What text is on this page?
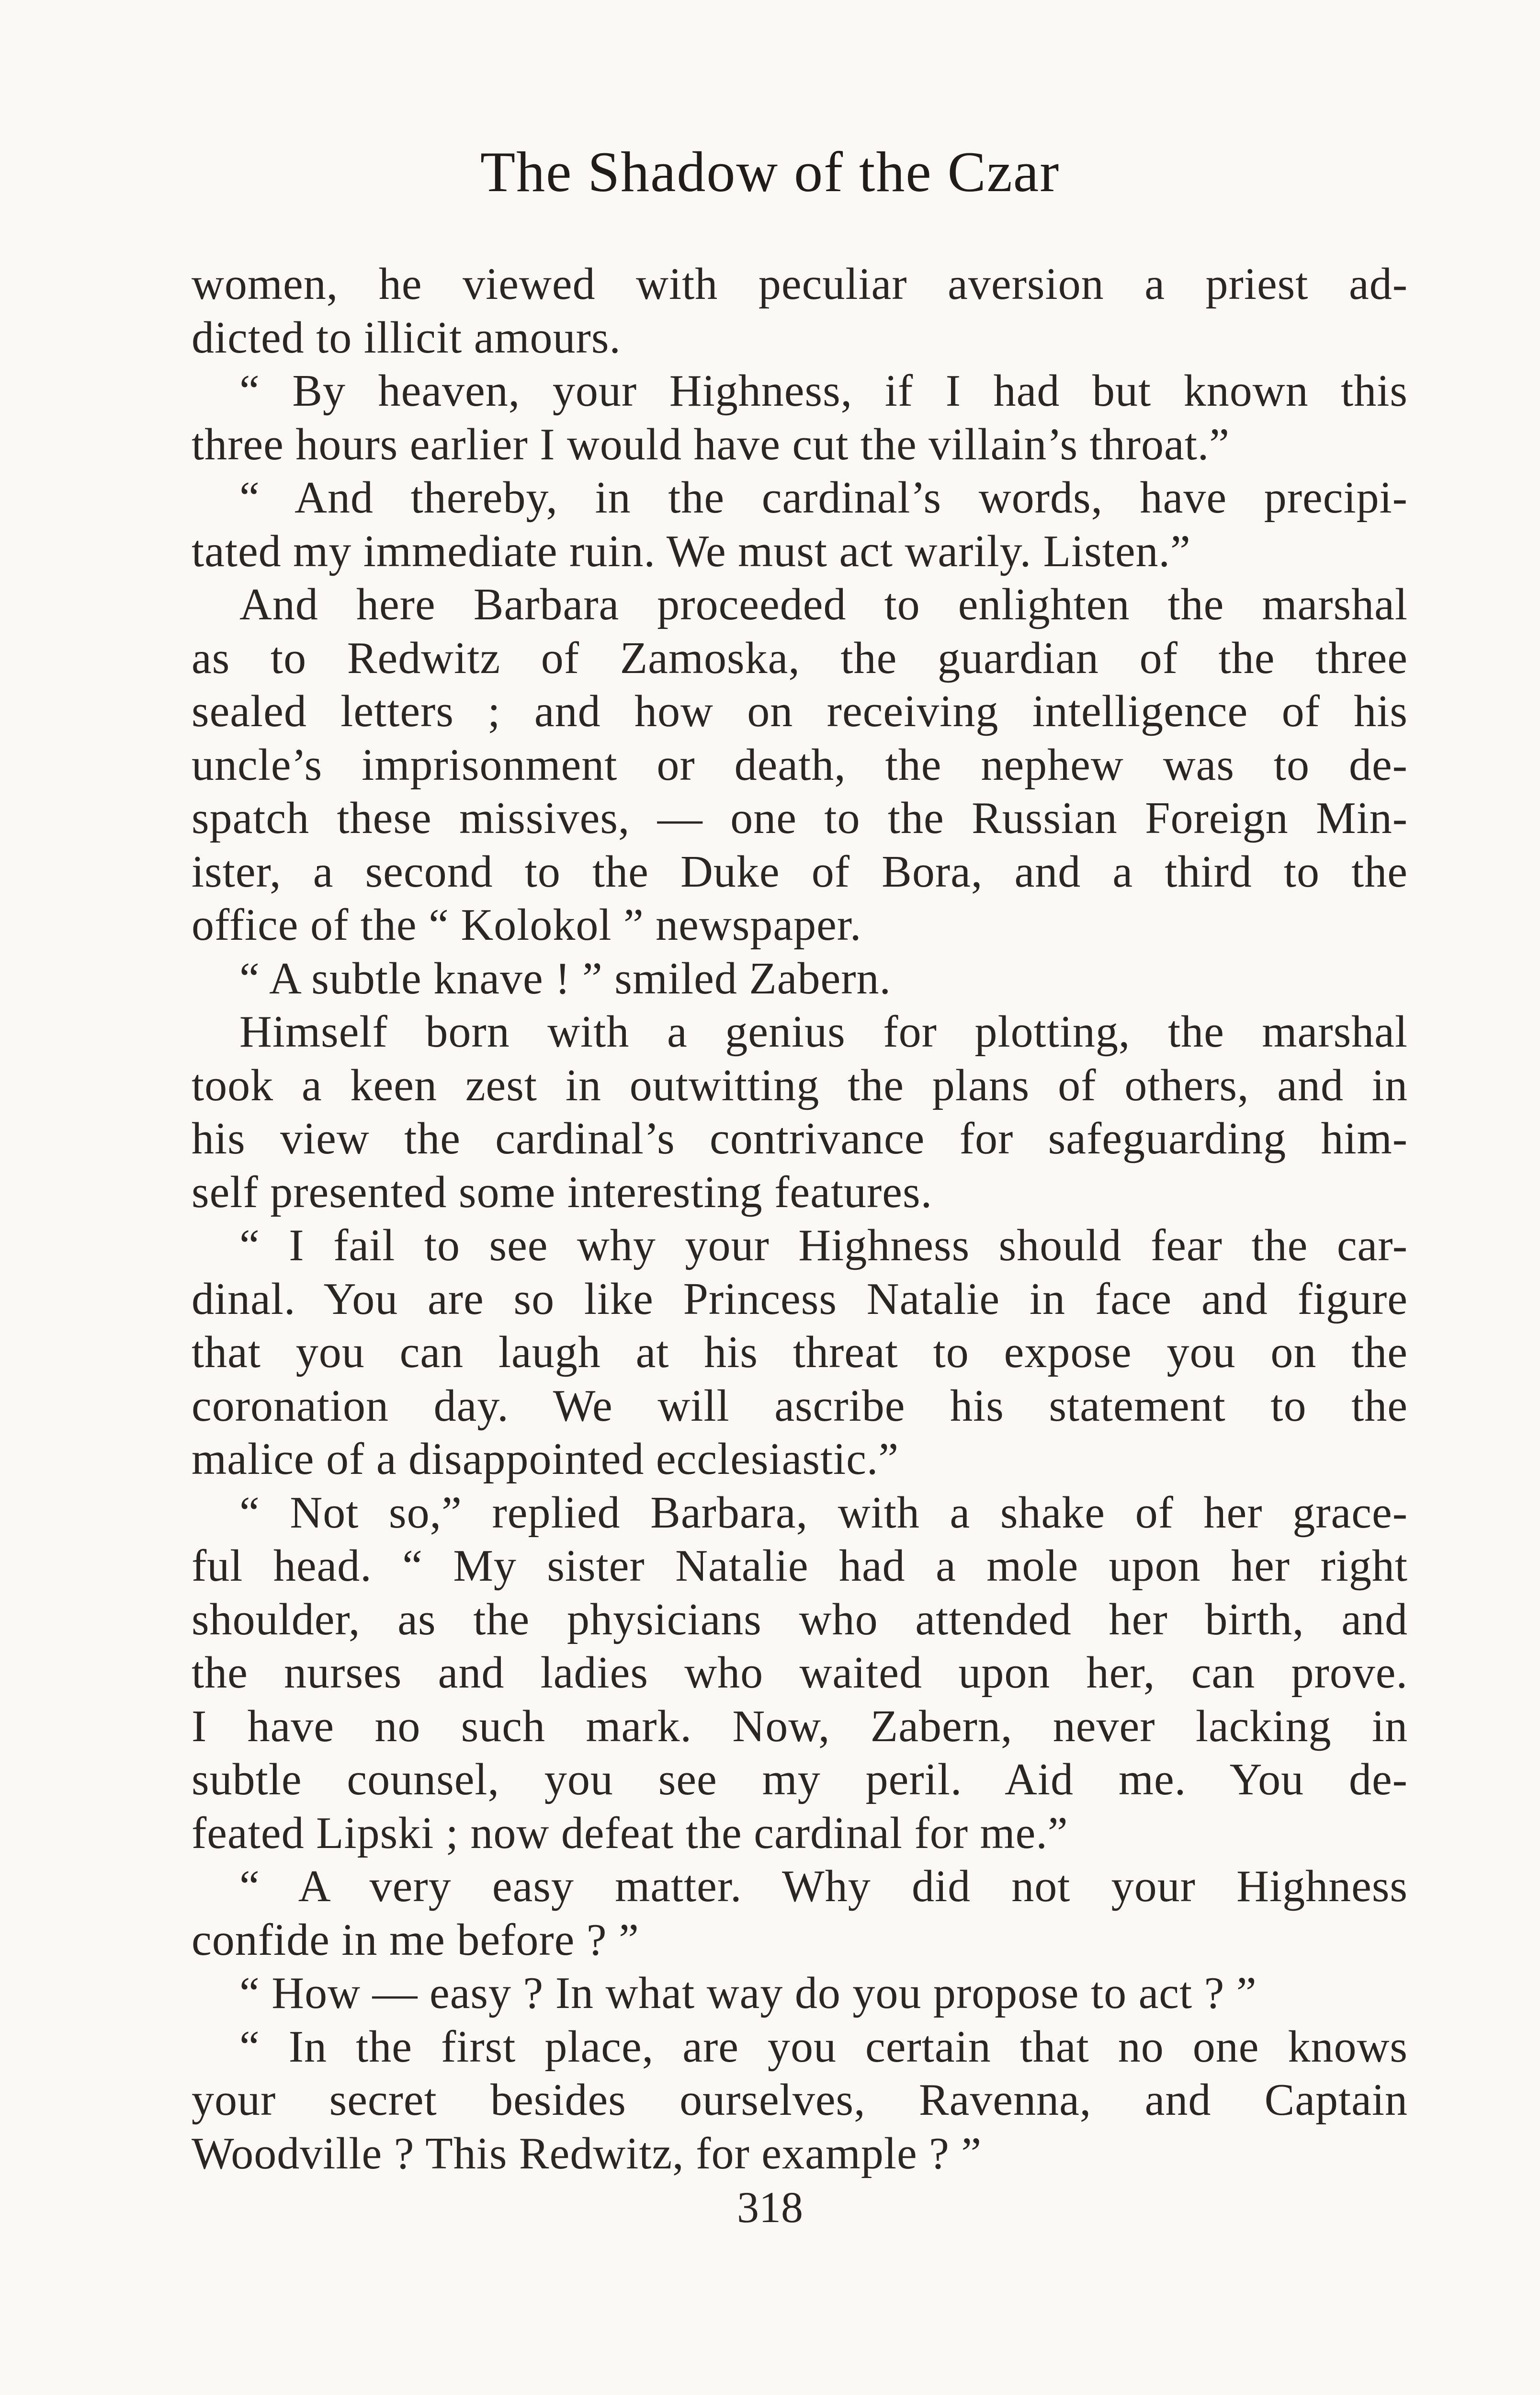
The Shadow of the Czar
women, he viewed with peculiar aversion a priest ad-
dicted to illicit amours.
“ By heaven, your Highness, if I had but known this
three hours earlier I would have cut the villain’s throat.”
“ And thereby, in the cardinal’s words, have precipi-
tated my immediate ruin. We must act warily. Listen.”
And here Barbara proceeded to enlighten the marshal
as to Redwitz of Zamoska, the guardian of the three
sealed letters ; and how on receiving intelligence of his
uncle’s imprisonment or death, the nephew was to de-
spatch these missives, — one to the Russian Foreign Min-
ister, a second to the Duke of Bora, and a third to the
office of the “ Kolokol ” newspaper.
“ A subtle knave ! ” smiled Zabern.
Himself born with a genius for plotting, the marshal
took a keen zest in outwitting the plans of others, and in
his view the cardinal’s contrivance for safeguarding him-
self presented some interesting features.
“ I fail to see why your Highness should fear the car-
dinal. You are so like Princess Natalie in face and figure
that you can laugh at his threat to expose you on the
coronation day. We will ascribe his statement to the
malice of a disappointed ecclesiastic.”
“ Not so,” replied Barbara, with a shake of her grace-
ful head. “ My sister Natalie had a mole upon her right
shoulder, as the physicians who attended her birth, and
the nurses and ladies who waited upon her, can prove.
I have no such mark. Now, Zabern, never lacking in
subtle counsel, you see my peril. Aid me. You de-
feated Lipski ; now defeat the cardinal for me.”
“ A very easy matter. Why did not your Highness
confide in me before ? ”
“ How — easy ? In what way do you propose to act ? ”
“ In the first place, are you certain that no one knows
your secret besides ourselves, Ravenna, and Captain
Woodville ? This Redwitz, for example ? ”
318
